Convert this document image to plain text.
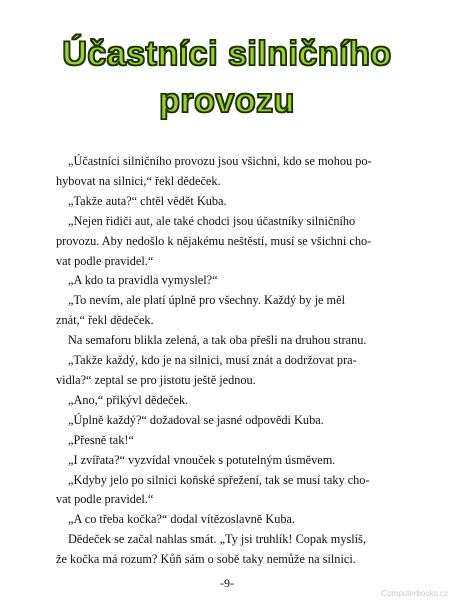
Účastníci silničního
provozu

„Účastníci silničního provozu jsou všichni, kdo se mohou po-
hybovat na silnici,“ řekl dědeček.

„Takže auta?“ chtěl vědět Kuba.

„Nejen řidiči aut, ale také chodci jsou účastníky silničního
provozu. Aby nedošlo k nějakému neštěstí, musí se všichni cho-
vat podle pravidel.“

„A kdo ta pravidla vymyslel?“

„To nevím, ale platí úplně pro všechny. Každý by je měl
znát,“ řekl dědeček.

Na semaforu blikla zelená, a tak oba přešli na druhou stranu.

„Takže každý, kdo je na silnici, musí znát a dodržovat pra-
vidla?“ zeptal se pro jistotu ještě jednou.

„Ano,“ přikývl dědeček.

„Úplně každý?“ dožadoval se jasné odpovědi Kuba.

„Přesně tak!“

„I zvířata?“ vyzvídal vnouček s potutelným úsměvem.

„Kdyby jelo po silnici koňské spřežení, tak se musí taky cho-
vat podle pravidel.“

„A co třeba kočka?“ dodal vítězoslavně Kuba.

Dědeček se začal nahlas smát. „Ty jsi truhlík! Copak myslíš,
že kočka má rozum? Kůň sám o sobě taky nemůže na silnici.

-9-
Computerbooks.cz
